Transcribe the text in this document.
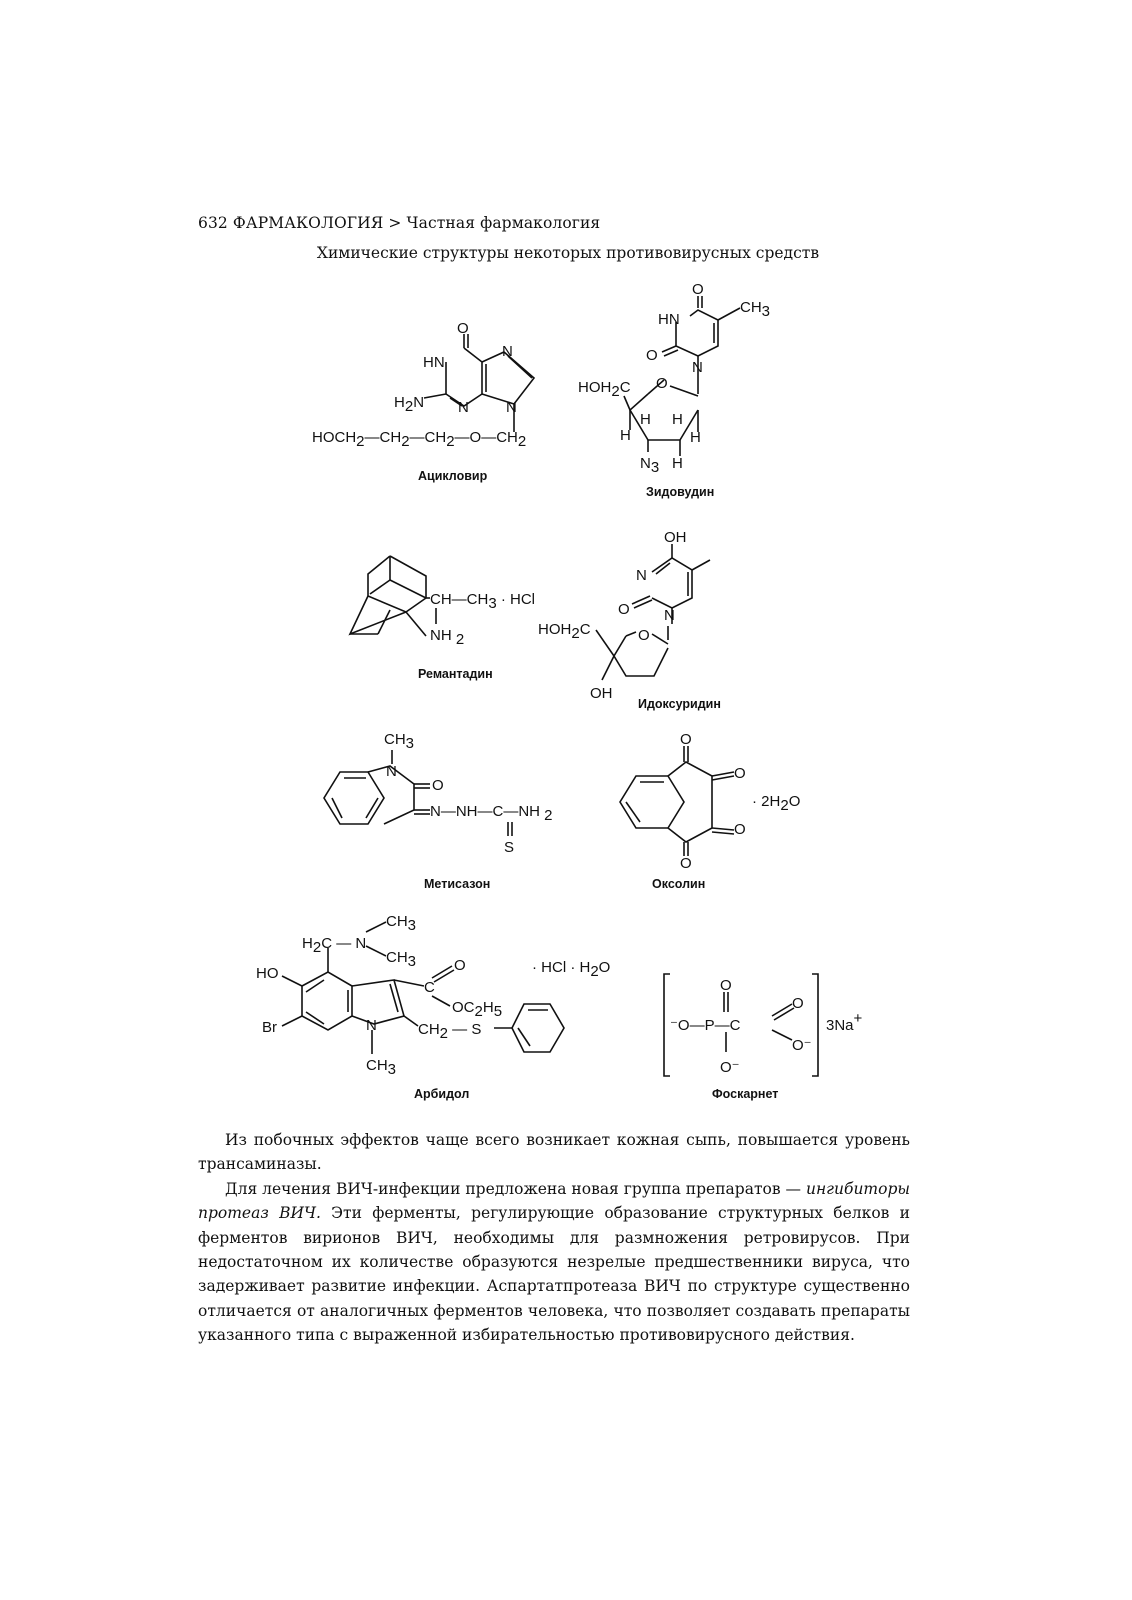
632 ФАРМАКОЛОГИЯ > Частная фармакология
Химические структуры некоторых противовирусных средств
O
HN
N
N
N
H2N
HOCH2—CH2—CH2—O—CH2
Ацикловир
O
CH3
HN
O
N
O
HOH2C
H H
H	H
N3 H
Зидовудин
CH—CH3 · HCl
NH 2
Ремантадин
OH
N
O N
O
HOH2C
OH
Идоксуридин
CH3
N
O
N—NH—C—NH 2
S
Метисазон
O
O
O
O
· 2H2O
Оксолин
H2C — N
CH3
CH3
HO
Br	N
CH3
C
O
OC2H5
CH2 — S
· HCl · H2O
Арбидол
O
⁻O—P—C
O⁻
O
O⁻
3Na+
Фоскарнет

Из побочных эффектов чаще всего возникает кожная сыпь, повышается уровень трансаминазы.

Для лечения ВИЧ-инфекции предложена новая группа препаратов — ингибиторы протеаз ВИЧ. Эти ферменты, регулирующие образование структурных белков и ферментов вирионов ВИЧ, необходимы для размножения ретровирусов. При недостаточном их количестве образуются незрелые предшественники вируса, что задерживает развитие инфекции. Аспартатпротеаза ВИЧ по структуре существенно отличается от аналогичных ферментов человека, что позволяет создавать препараты указанного типа с выраженной избирательностью противовирусного действия.
